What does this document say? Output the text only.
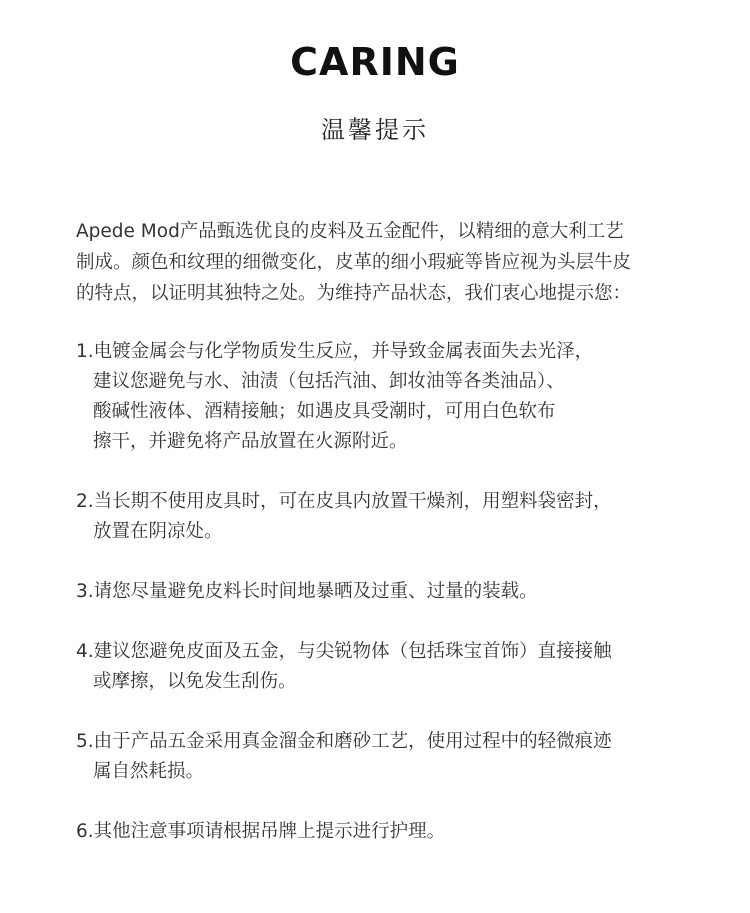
CARING
温馨提示
Apede Mod产品甄选优良的皮料及五金配件，以精细的意大利工艺
制成。颜色和纹理的细微变化，皮革的细小瑕疵等皆应视为头层牛皮
的特点，以证明其独特之处。为维持产品状态，我们衷心地提示您：
1.电镀金属会与化学物质发生反应，并导致金属表面失去光泽，
建议您避免与水、油渍（包括汽油、卸妆油等各类油品）、
酸碱性液体、酒精接触；如遇皮具受潮时，可用白色软布
擦干，并避免将产品放置在火源附近。
2.当长期不使用皮具时，可在皮具内放置干燥剂，用塑料袋密封，
放置在阴凉处。
3.请您尽量避免皮料长时间地暴晒及过重、过量的装载。
4.建议您避免皮面及五金，与尖锐物体（包括珠宝首饰）直接接触
或摩擦，以免发生刮伤。
5.由于产品五金采用真金溜金和磨砂工艺，使用过程中的轻微痕迹
属自然耗损。
6.其他注意事项请根据吊牌上提示进行护理。
